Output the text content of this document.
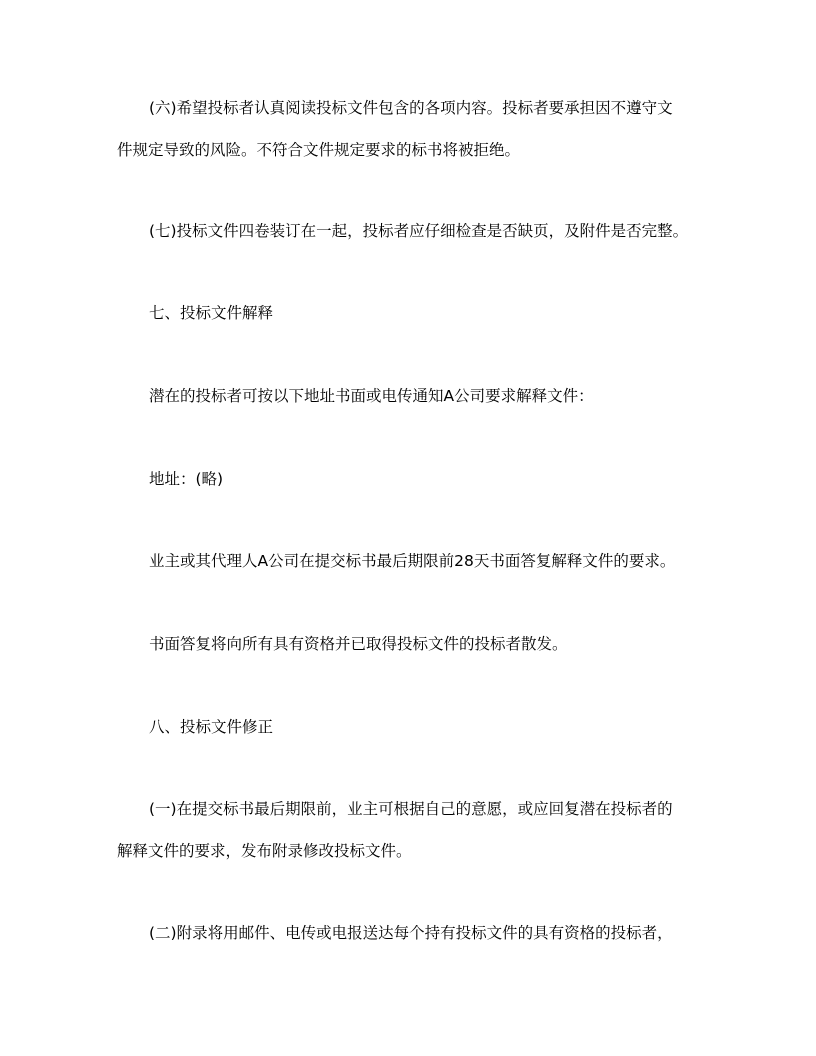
(六)希望投标者认真阅读投标文件包含的各项内容。投标者要承担因不遵守文
件规定导致的风险。不符合文件规定要求的标书将被拒绝。
(七)投标文件四卷装订在一起，投标者应仔细检查是否缺页，及附件是否完整。
七、投标文件解释
潜在的投标者可按以下地址书面或电传通知A公司要求解释文件：
地址：(略)
业主或其代理人A公司在提交标书最后期限前28天书面答复解释文件的要求。
书面答复将向所有具有资格并已取得投标文件的投标者散发。
八、投标文件修正
(一)在提交标书最后期限前，业主可根据自己的意愿，或应回复潜在投标者的
解释文件的要求，发布附录修改投标文件。
(二)附录将用邮件、电传或电报送达每个持有投标文件的具有资格的投标者，
